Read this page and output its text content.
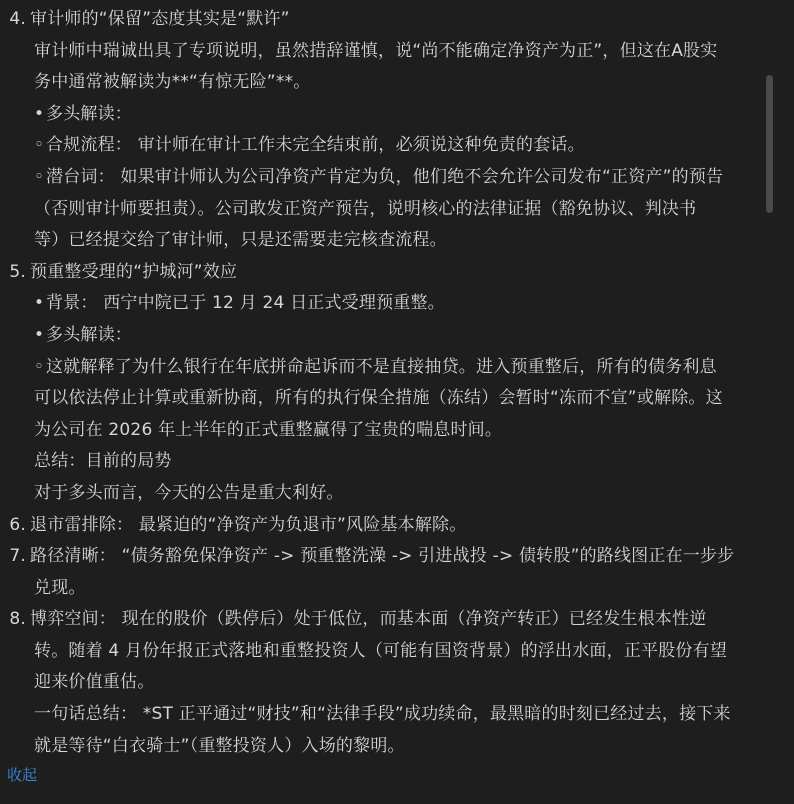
4. 审计师的“保留”态度其实是“默许”
审计师中瑞诚出具了专项说明，虽然措辞谨慎，说“尚不能确定净资产为正”，但这在A股实
务中通常被解读为**“有惊无险”**。
• 多头解读：
◦ 合规流程： 审计师在审计工作未完全结束前，必须说这种免责的套话。
◦ 潜台词： 如果审计师认为公司净资产肯定为负，他们绝不会允许公司发布“正资产”的预告
（否则审计师要担责）。公司敢发正资产预告，说明核心的法律证据（豁免协议、判决书
等）已经提交给了审计师，只是还需要走完核查流程。
5. 预重整受理的“护城河”效应
• 背景： 西宁中院已于 12 月 24 日正式受理预重整。
• 多头解读：
◦ 这就解释了为什么银行在年底拼命起诉而不是直接抽贷。进入预重整后，所有的债务利息
可以依法停止计算或重新协商，所有的执行保全措施（冻结）会暂时“冻而不宣”或解除。这
为公司在 2026 年上半年的正式重整赢得了宝贵的喘息时间。
总结：目前的局势
对于多头而言，今天的公告是重大利好。
6. 退市雷排除： 最紧迫的“净资产为负退市”风险基本解除。
7. 路径清晰： “债务豁免保净资产 -> 预重整洗澡 -> 引进战投 -> 债转股”的路线图正在一步步
兑现。
8. 博弈空间： 现在的股价（跌停后）处于低位，而基本面（净资产转正）已经发生根本性逆
转。随着 4 月份年报正式落地和重整投资人（可能有国资背景）的浮出水面，正平股份有望
迎来价值重估。
一句话总结： *ST 正平通过“财技”和“法律手段”成功续命，最黑暗的时刻已经过去，接下来
就是等待“白衣骑士”（重整投资人）入场的黎明。
收起
